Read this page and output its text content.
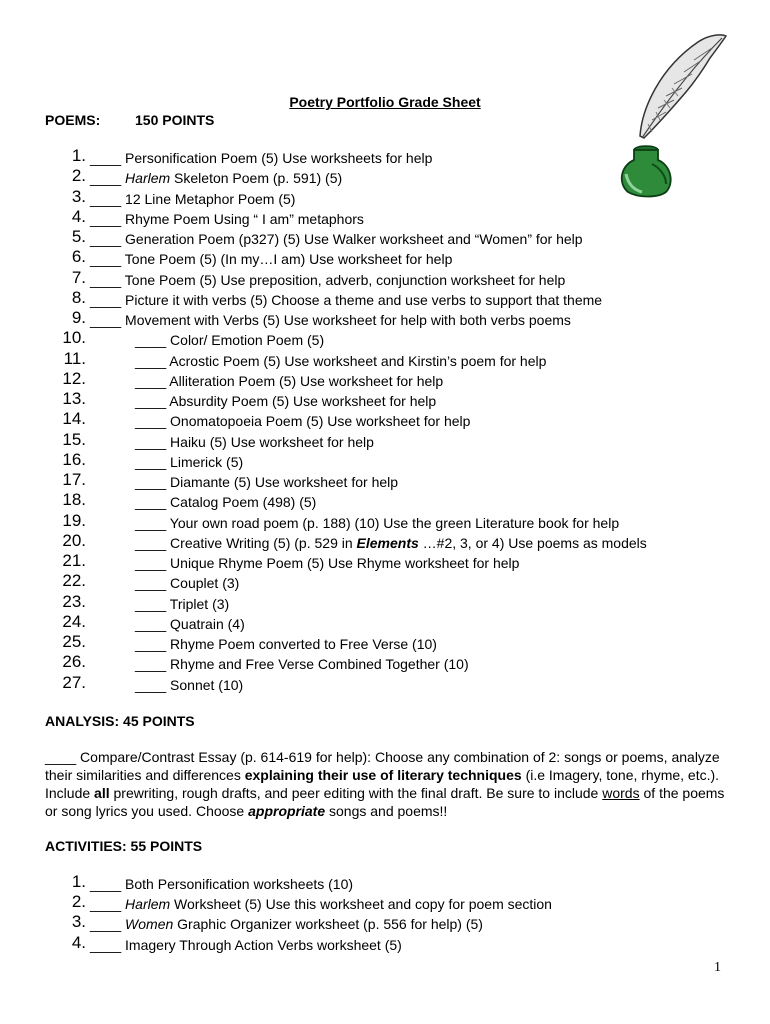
Poetry Portfolio Grade Sheet
POEMS: 150 POINTS
1. ____ Personification Poem (5) Use worksheets for help
2. ____ Harlem Skeleton Poem (p. 591) (5)
3. ____ 12 Line Metaphor Poem (5)
4. ____ Rhyme Poem Using “ I am” metaphors
5. ____ Generation Poem (p327) (5) Use Walker worksheet and “Women” for help
6. ____ Tone Poem (5) (In my…I am) Use worksheet for help
7. ____ Tone Poem (5) Use preposition, adverb, conjunction worksheet for help
8. ____ Picture it with verbs (5) Choose a theme and use verbs to support that theme
9. ____ Movement with Verbs (5) Use worksheet for help with both verbs poems
10.	____ Color/ Emotion Poem (5)
11.	____ Acrostic Poem (5) Use worksheet and Kirstin’s poem for help
12.	____ Alliteration Poem (5) Use worksheet for help
13.	____ Absurdity Poem (5) Use worksheet for help
14.	____ Onomatopoeia Poem (5) Use worksheet for help
15.	____ Haiku (5) Use worksheet for help
16.	____ Limerick (5)
17.	____ Diamante (5) Use worksheet for help
18.	____ Catalog Poem (498) (5)
19.	____ Your own road poem (p. 188) (10) Use the green Literature book for help
20.	____ Creative Writing (5) (p. 529 in Elements …#2, 3, or 4) Use poems as models
21.	____ Unique Rhyme Poem (5) Use Rhyme worksheet for help
22.	____ Couplet (3)
23.	____ Triplet (3)
24.	____ Quatrain (4)
25.	____ Rhyme Poem converted to Free Verse (10)
26.	____ Rhyme and Free Verse Combined Together (10)
27.	____ Sonnet (10)
ANALYSIS: 45 POINTS
____ Compare/Contrast Essay (p. 614-619 for help): Choose any combination of 2: songs or poems, analyze their similarities and differences explaining their use of literary techniques (i.e Imagery, tone, rhyme, etc.). Include all prewriting, rough drafts, and peer editing with the final draft. Be sure to include words of the poems or song lyrics you used. Choose appropriate songs and poems!!
ACTIVITIES: 55 POINTS
1. ____ Both Personification worksheets (10)
2. ____ Harlem Worksheet (5) Use this worksheet and copy for poem section
3. ____ Women Graphic Organizer worksheet (p. 556 for help) (5)
4. ____ Imagery Through Action Verbs worksheet (5)
1
